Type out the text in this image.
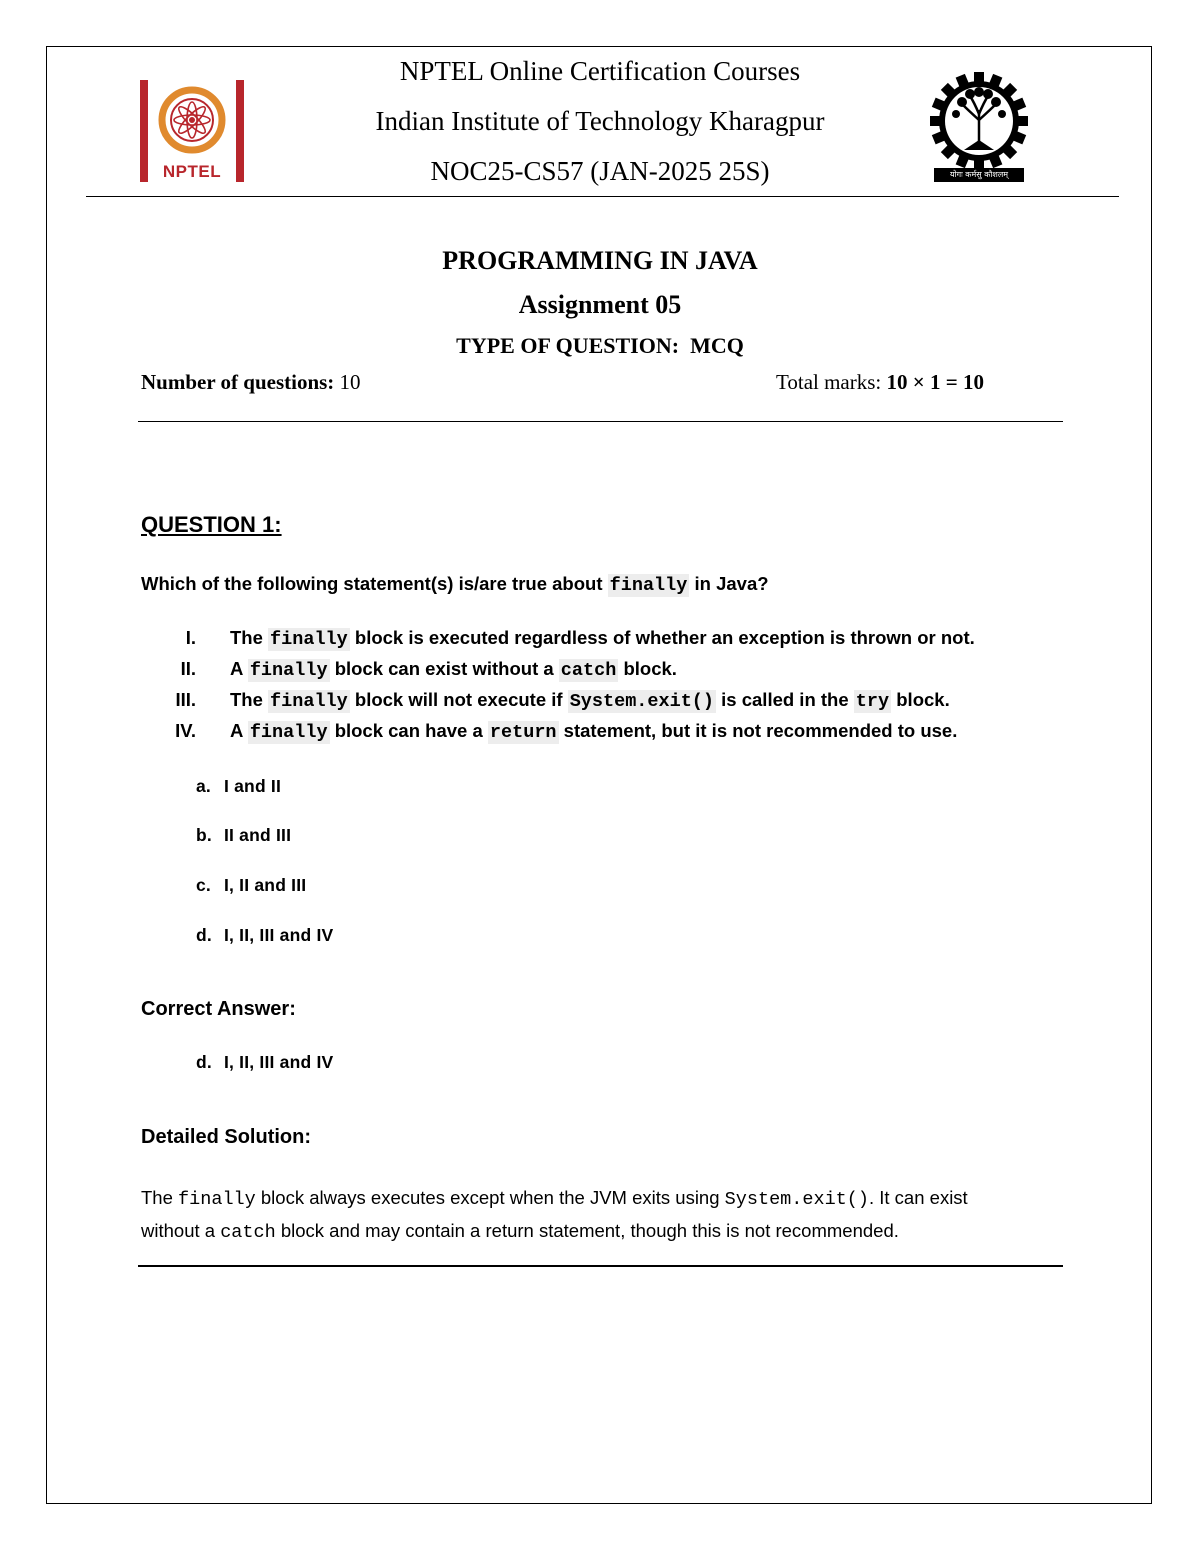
NPTEL
NPTEL Online Certification Courses
Indian Institute of Technology Kharagpur
NOC25-CS57 (JAN-2025 25S)	योगः कर्मसु कौशलम्
PROGRAMMING IN JAVA
Assignment 05
TYPE OF QUESTION: MCQ
Number of questions: 10	Total marks: 10 × 1 = 10
QUESTION 1:
Which of the following statement(s) is/are true about finally in Java?
I. The finally block is executed regardless of whether an exception is thrown or not.
II. A finally block can exist without a catch block.
III. The finally block will not execute if System.exit() is called in the try block.
IV. A finally block can have a return statement, but it is not recommended to use.
a. I and II
b. II and III
c. I, II and III
d. I, II, III and IV
Correct Answer:
d. I, II, III and IV
Detailed Solution:
The finally block always executes except when the JVM exits using System.exit(). It can exist
without a catch block and may contain a return statement, though this is not recommended.
